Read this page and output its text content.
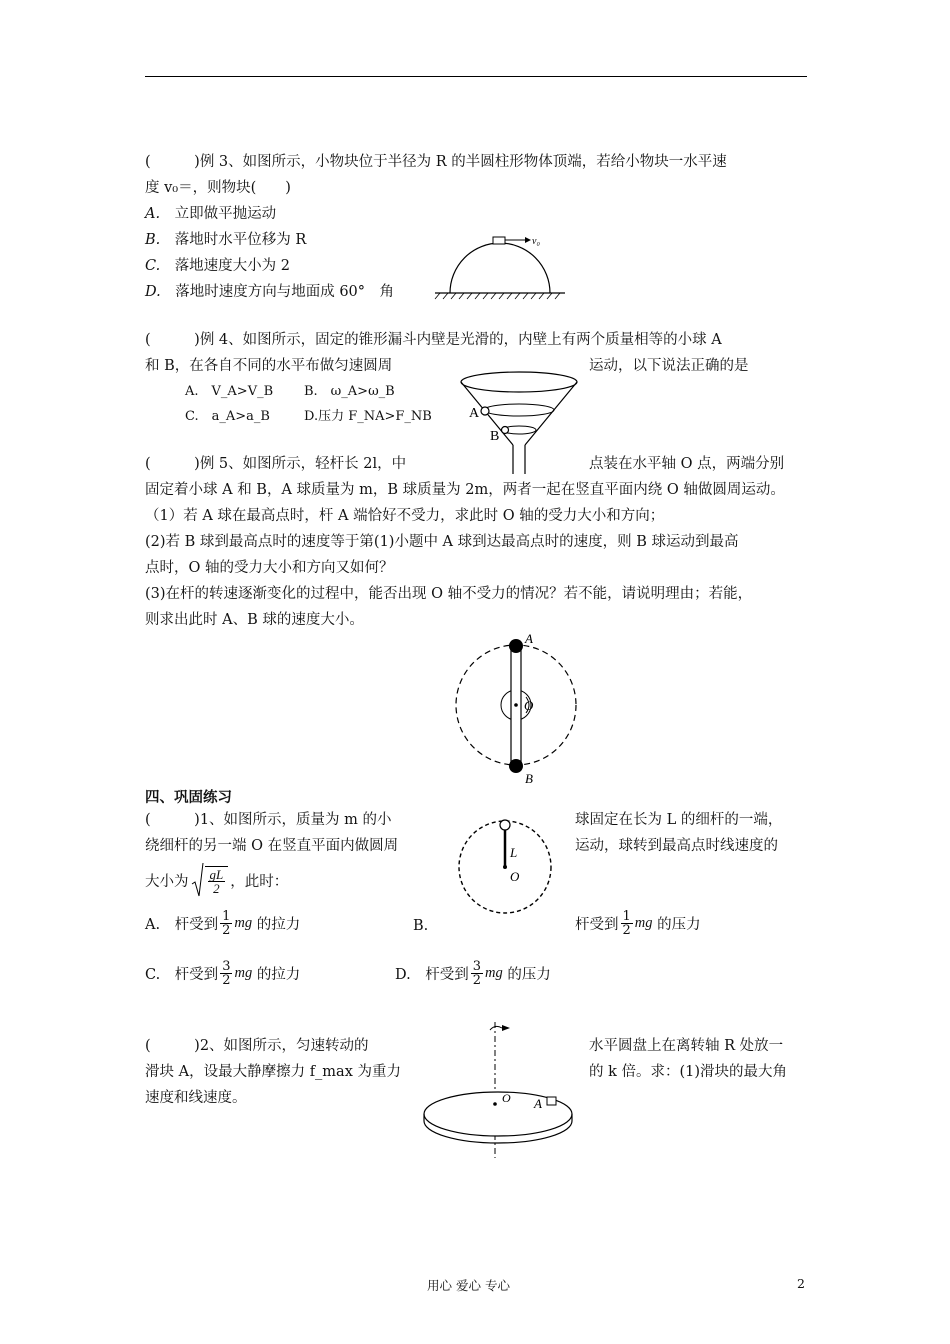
(　　　)例 3、如图所示，小物块位于半径为 R 的半圆柱形物体顶端，若给小物块一水平速
度 v₀＝，则物块(　　)
A.　 立即做平抛运动
B.　 落地时水平位移为 R
C.　 落地速度大小为 2
D.　 落地时速度方向与地面成 60°　角
v₀
(　　　)例 4、如图所示，固定的锥形漏斗内壁是光滑的，内壁上有两个质量相等的小球 A
和 B，在各自不同的水平布做匀速圆周	运动，以下说法正确的是
A.　V_A>V_B B.　ω_A>ω_B
C.　a_A>a_B	D.压力 F_NA>F_NB	A
B
(　　　)例 5、如图所示，轻杆长 2l，中	点装在水平轴 O 点，两端分别
固定着小球 A 和 B，A 球质量为 m，B 球质量为 2m，两者一起在竖直平面内绕 O 轴做圆周运动。
（1）若 A 球在最高点时，杆 A 端恰好不受力，求此时 O 轴的受力大小和方向；
(2)若 B 球到最高点时的速度等于第(1)小题中 A 球到达最高点时的速度，则 B 球运动到最高
点时，O 轴的受力大小和方向又如何？
(3)在杆的转速逐渐变化的过程中，能否出现 O 轴不受力的情况？若不能，请说明理由；若能，
则求出此时 A、B 球的速度大小。
A
B
O
四、巩固练习
(　　　)1、如图所示，质量为 m 的小	球固定在长为 L 的细杆的一端，
绕细杆的另一端 O 在竖直平面内做圆周	运动，球转到最高点时线速度的
大小为 $\frac{gL}{2}$ ，此时：
A.　杆受到 $\frac{1}{2}$ mg
的拉力	B.	杆受到 $\frac{1}{2}$ mg
的压力
C.　杆受到 $\frac{3}{2}$ mg
的拉力	D.　杆受到 $\frac{3}{2}$ mg
的压力
L
O
(　　　)2、如图所示，匀速转动的	水平圆盘上在离转轴 R 处放一
滑块 A，设最大静摩擦力 f_max 为重力	的 k 倍。求：(1)滑块的最大角
速度和线速度。	O A
用心 爱心 专心	2
